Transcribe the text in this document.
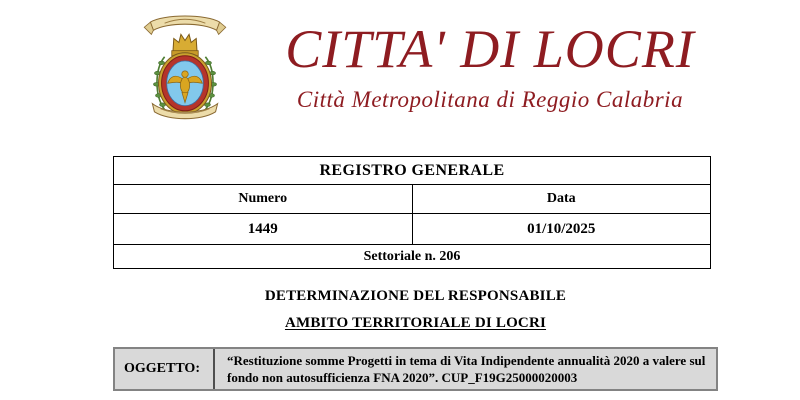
CITTA' DI LOCRI
Città Metropolitana di Reggio Calabria
REGISTRO GENERALE	
Numero	Data
1449	01/10/2025
Settoriale n. 206	
DETERMINAZIONE DEL RESPONSABILE
AMBITO TERRITORIALE DI LOCRI
OGGETTO:
“Restituzione somme Progetti in tema di Vita Indipendente annualità 2020 a valere sul fondo non autosufficienza FNA 2020”. CUP_F19G25000020003
